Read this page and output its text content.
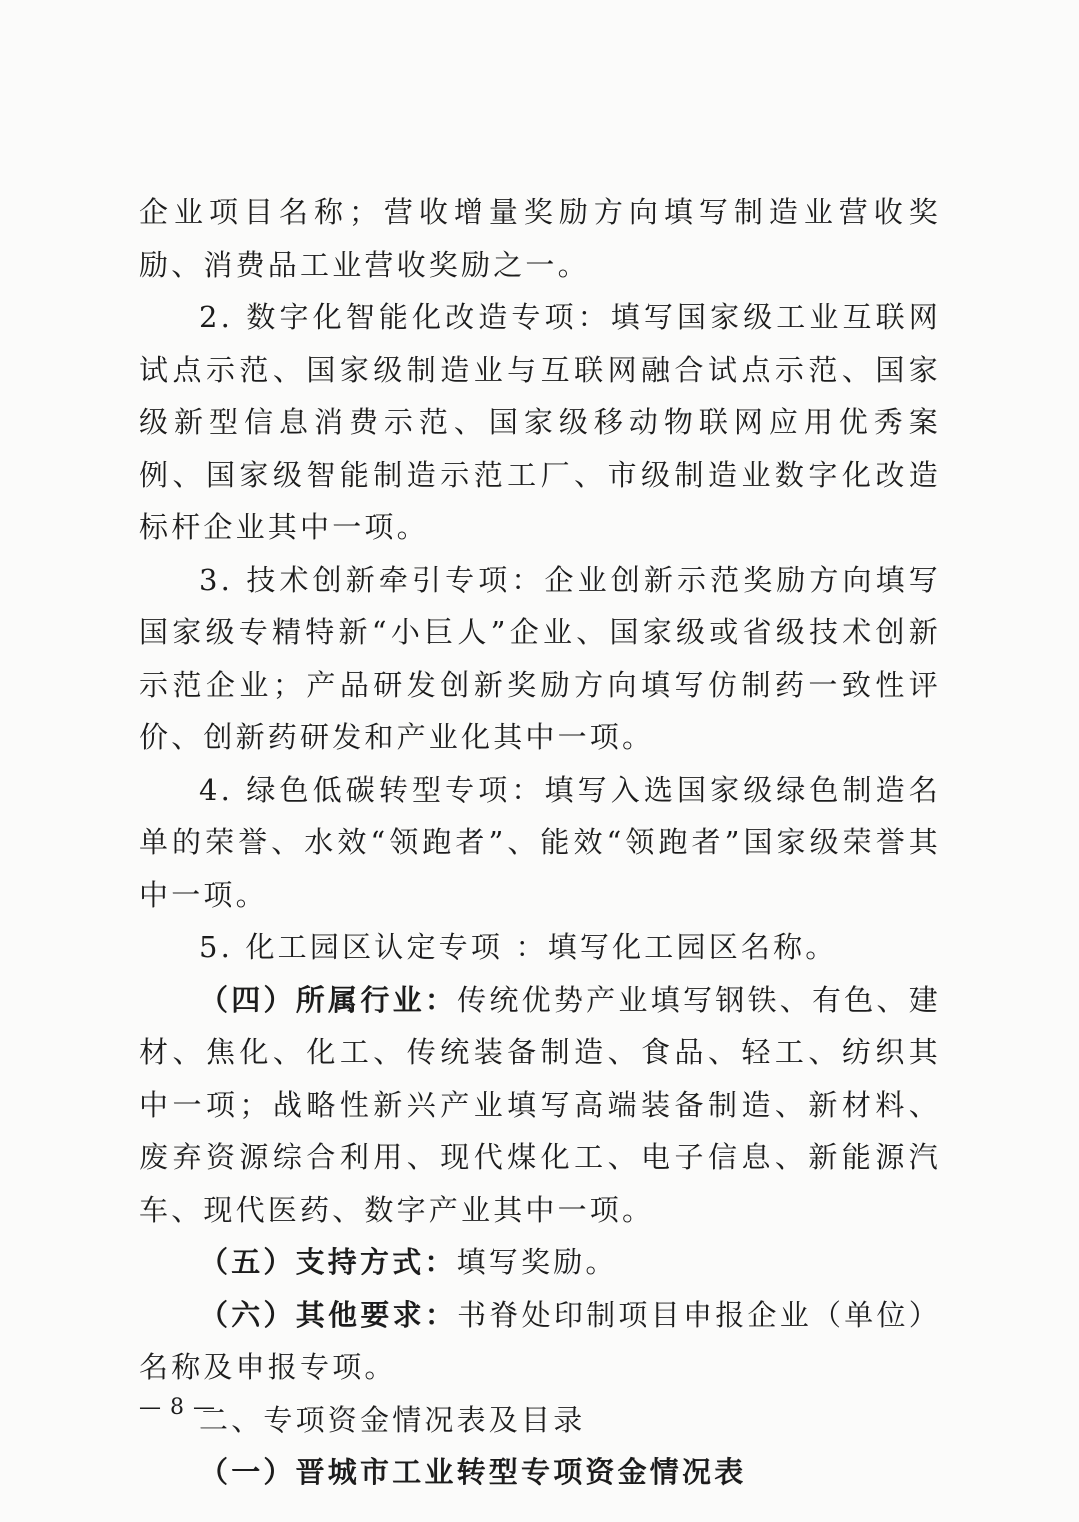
企业项目名称；营收增量奖励方向填写制造业营收奖励、消费品工业营收奖励之一。

2. 数字化智能化改造专项：填写国家级工业互联网试点示范、国家级制造业与互联网融合试点示范、国家级新型信息消费示范、国家级移动物联网应用优秀案例、国家级智能制造示范工厂、市级制造业数字化改造标杆企业其中一项。

3. 技术创新牵引专项：企业创新示范奖励方向填写国家级专精特新“小巨人”企业、国家级或省级技术创新示范企业；产品研发创新奖励方向填写仿制药一致性评价、创新药研发和产业化其中一项。

4. 绿色低碳转型专项：填写入选国家级绿色制造名单的荣誉、水效“领跑者”、能效“领跑者”国家级荣誉其中一项。

5. 化工园区认定专项 ：填写化工园区名称。

（四）所属行业：传统优势产业填写钢铁、有色、建材、焦化、化工、传统装备制造、食品、轻工、纺织其中一项；战略性新兴产业填写高端装备制造、新材料、废弃资源综合利用、现代煤化工、电子信息、新能源汽车、现代医药、数字产业其中一项。

（五）支持方式：填写奖励。

（六）其他要求：书脊处印制项目申报企业（单位）名称及申报专项。

二、专项资金情况表及目录

（一）晋城市工业转型专项资金情况表

— 8 —
